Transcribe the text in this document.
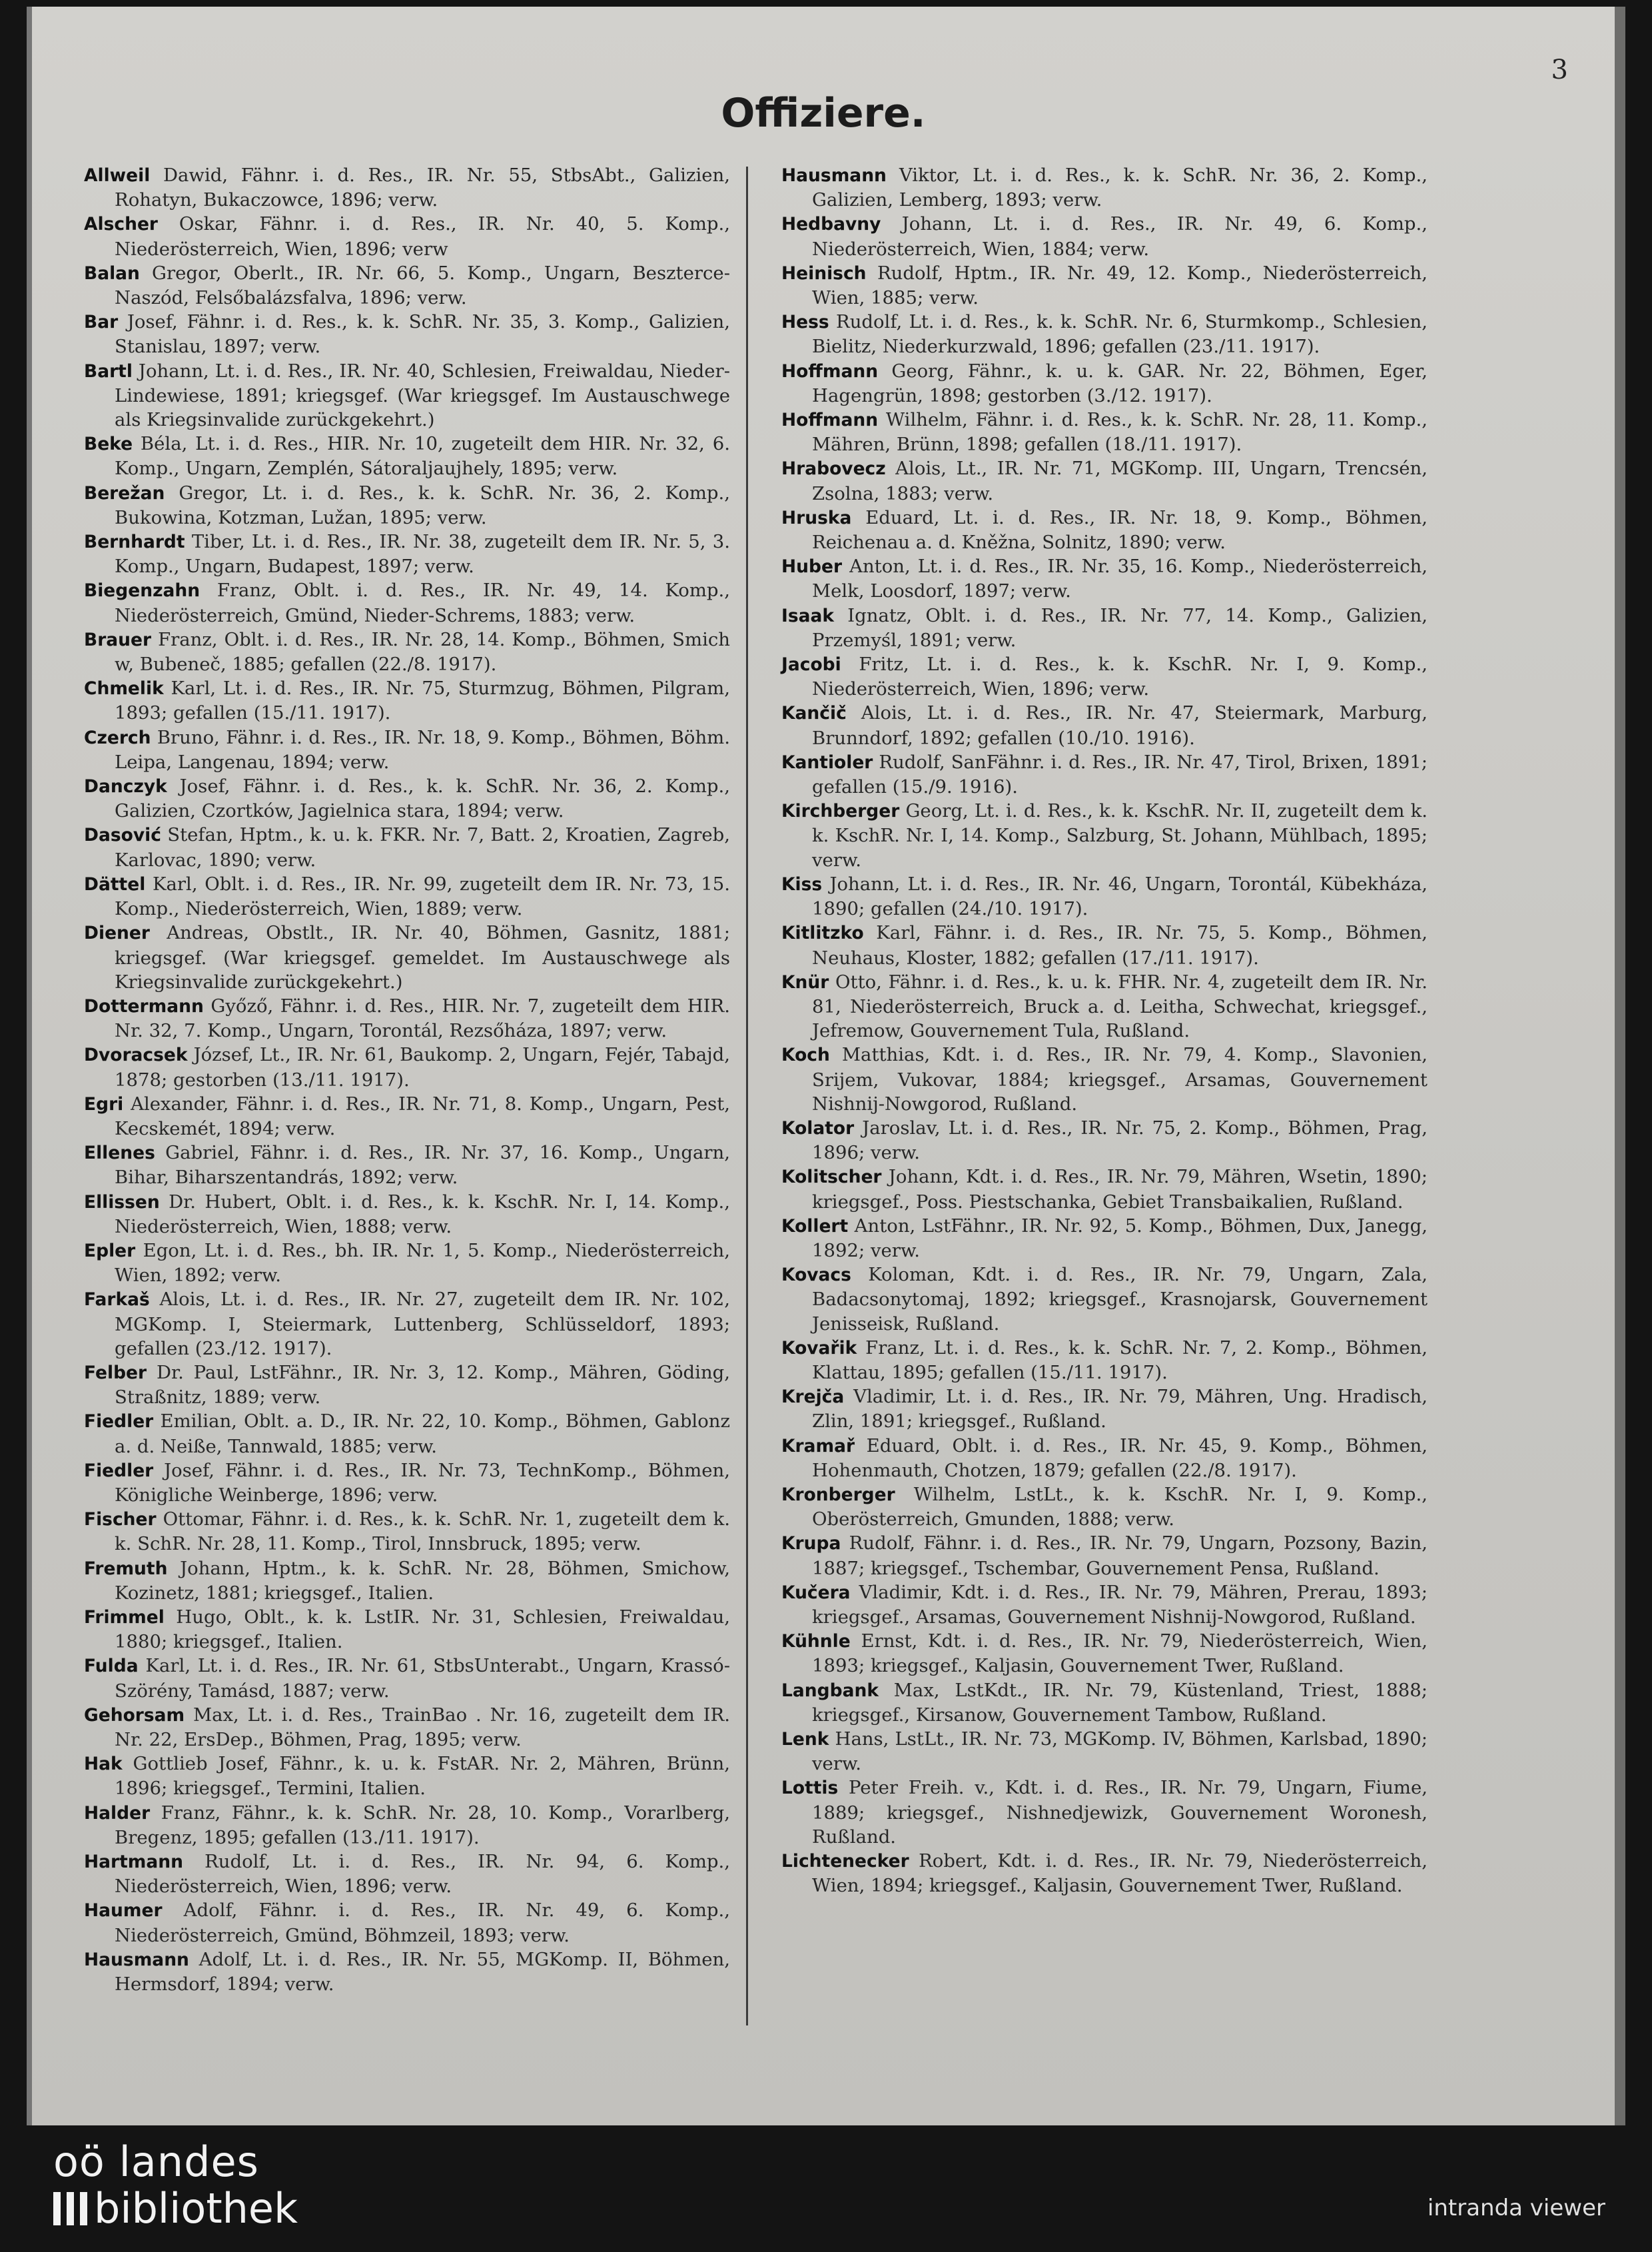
3
Offiziere.
Allweil Dawid, Fähnr. i. d. Res., IR. Nr. 55, StbsAbt., Galizien, Rohatyn, Bukaczowce, 1896; verw.
Alscher Oskar, Fähnr. i. d. Res., IR. Nr. 40, 5. Komp., Niederösterreich, Wien, 1896; verw
Balan Gregor, Oberlt., IR. Nr. 66, 5. Komp., Ungarn, Beszterce-Naszód, Felsőbalázsfalva, 1896; verw.
Bar Josef, Fähnr. i. d. Res., k. k. SchR. Nr. 35, 3. Komp., Galizien, Stanislau, 1897; verw.
Bartl Johann, Lt. i. d. Res., IR. Nr. 40, Schlesien, Freiwaldau, Nieder-Lindewiese, 1891; kriegsgef. (War kriegsgef. Im Austauschwege als Kriegsinvalide zurückgekehrt.)
Beke Béla, Lt. i. d. Res., HIR. Nr. 10, zugeteilt dem HIR. Nr. 32, 6. Komp., Ungarn, Zemplén, Sátoraljaujhely, 1895; verw.
Berežan Gregor, Lt. i. d. Res., k. k. SchR. Nr. 36, 2. Komp., Bukowina, Kotzman, Lužan, 1895; verw.
Bernhardt Tiber, Lt. i. d. Res., IR. Nr. 38, zugeteilt dem IR. Nr. 5, 3. Komp., Ungarn, Budapest, 1897; verw.
Biegenzahn Franz, Oblt. i. d. Res., IR. Nr. 49, 14. Komp., Niederösterreich, Gmünd, Nieder-Schrems, 1883; verw.
Brauer Franz, Oblt. i. d. Res., IR. Nr. 28, 14. Komp., Böhmen, Smich w, Bubeneč, 1885; gefallen (22./8. 1917).
Chmelik Karl, Lt. i. d. Res., IR. Nr. 75, Sturmzug, Böhmen, Pilgram, 1893; gefallen (15./11. 1917).
Czerch Bruno, Fähnr. i. d. Res., IR. Nr. 18, 9. Komp., Böhmen, Böhm. Leipa, Langenau, 1894; verw.
Danczyk Josef, Fähnr. i. d. Res., k. k. SchR. Nr. 36, 2. Komp., Galizien, Czortków, Jagielnica stara, 1894; verw.
Dasović Stefan, Hptm., k. u. k. FKR. Nr. 7, Batt. 2, Kroatien, Zagreb, Karlovac, 1890; verw.
Dättel Karl, Oblt. i. d. Res., IR. Nr. 99, zugeteilt dem IR. Nr. 73, 15. Komp., Niederösterreich, Wien, 1889; verw.
Diener Andreas, Obstlt., IR. Nr. 40, Böhmen, Gasnitz, 1881; kriegsgef. (War kriegsgef. gemeldet. Im Austauschwege als Kriegsinvalide zurückgekehrt.)
Dottermann Győző, Fähnr. i. d. Res., HIR. Nr. 7, zugeteilt dem HIR. Nr. 32, 7. Komp., Ungarn, Torontál, Rezsőháza, 1897; verw.
Dvoracsek József, Lt., IR. Nr. 61, Baukomp. 2, Ungarn, Fejér, Tabajd, 1878; gestorben (13./11. 1917).
Egri Alexander, Fähnr. i. d. Res., IR. Nr. 71, 8. Komp., Ungarn, Pest, Kecskemét, 1894; verw.
Ellenes Gabriel, Fähnr. i. d. Res., IR. Nr. 37, 16. Komp., Ungarn, Bihar, Biharszentandrás, 1892; verw.
Ellissen Dr. Hubert, Oblt. i. d. Res., k. k. KschR. Nr. I, 14. Komp., Niederösterreich, Wien, 1888; verw.
Epler Egon, Lt. i. d. Res., bh. IR. Nr. 1, 5. Komp., Niederösterreich, Wien, 1892; verw.
Farkaš Alois, Lt. i. d. Res., IR. Nr. 27, zugeteilt dem IR. Nr. 102, MGKomp. I, Steiermark, Luttenberg, Schlüsseldorf, 1893; gefallen (23./12. 1917).
Felber Dr. Paul, LstFähnr., IR. Nr. 3, 12. Komp., Mähren, Göding, Straßnitz, 1889; verw.
Fiedler Emilian, Oblt. a. D., IR. Nr. 22, 10. Komp., Böhmen, Gablonz a. d. Neiße, Tannwald, 1885; verw.
Fiedler Josef, Fähnr. i. d. Res., IR. Nr. 73, TechnKomp., Böhmen, Königliche Weinberge, 1896; verw.
Fischer Ottomar, Fähnr. i. d. Res., k. k. SchR. Nr. 1, zugeteilt dem k. k. SchR. Nr. 28, 11. Komp., Tirol, Innsbruck, 1895; verw.
Fremuth Johann, Hptm., k. k. SchR. Nr. 28, Böhmen, Smichow, Kozinetz, 1881; kriegsgef., Italien.
Frimmel Hugo, Oblt., k. k. LstIR. Nr. 31, Schlesien, Freiwaldau, 1880; kriegsgef., Italien.
Fulda Karl, Lt. i. d. Res., IR. Nr. 61, StbsUnterabt., Ungarn, Krassó-Szörény, Tamásd, 1887; verw.
Gehorsam Max, Lt. i. d. Res., TrainBao . Nr. 16, zugeteilt dem IR. Nr. 22, ErsDep., Böhmen, Prag, 1895; verw.
Hak Gottlieb Josef, Fähnr., k. u. k. FstAR. Nr. 2, Mähren, Brünn, 1896; kriegsgef., Termini, Italien.
Halder Franz, Fähnr., k. k. SchR. Nr. 28, 10. Komp., Vorarlberg, Bregenz, 1895; gefallen (13./11. 1917).
Hartmann Rudolf, Lt. i. d. Res., IR. Nr. 94, 6. Komp., Niederösterreich, Wien, 1896; verw.
Haumer Adolf, Fähnr. i. d. Res., IR. Nr. 49, 6. Komp., Niederösterreich, Gmünd, Böhmzeil, 1893; verw.
Hausmann Adolf, Lt. i. d. Res., IR. Nr. 55, MGKomp. II, Böhmen, Hermsdorf, 1894; verw.
Hausmann Viktor, Lt. i. d. Res., k. k. SchR. Nr. 36, 2. Komp., Galizien, Lemberg, 1893; verw.
Hedbavny Johann, Lt. i. d. Res., IR. Nr. 49, 6. Komp., Niederösterreich, Wien, 1884; verw.
Heinisch Rudolf, Hptm., IR. Nr. 49, 12. Komp., Niederösterreich, Wien, 1885; verw.
Hess Rudolf, Lt. i. d. Res., k. k. SchR. Nr. 6, Sturmkomp., Schlesien, Bielitz, Niederkurzwald, 1896; gefallen (23./11. 1917).
Hoffmann Georg, Fähnr., k. u. k. GAR. Nr. 22, Böhmen, Eger, Hagengrün, 1898; gestorben (3./12. 1917).
Hoffmann Wilhelm, Fähnr. i. d. Res., k. k. SchR. Nr. 28, 11. Komp., Mähren, Brünn, 1898; gefallen (18./11. 1917).
Hrabovecz Alois, Lt., IR. Nr. 71, MGKomp. III, Ungarn, Trencsén, Zsolna, 1883; verw.
Hruska Eduard, Lt. i. d. Res., IR. Nr. 18, 9. Komp., Böhmen, Reichenau a. d. Kněžna, Solnitz, 1890; verw.
Huber Anton, Lt. i. d. Res., IR. Nr. 35, 16. Komp., Niederösterreich, Melk, Loosdorf, 1897; verw.
Isaak Ignatz, Oblt. i. d. Res., IR. Nr. 77, 14. Komp., Galizien, Przemyśl, 1891; verw.
Jacobi Fritz, Lt. i. d. Res., k. k. KschR. Nr. I, 9. Komp., Niederösterreich, Wien, 1896; verw.
Kančič Alois, Lt. i. d. Res., IR. Nr. 47, Steiermark, Marburg, Brunndorf, 1892; gefallen (10./10. 1916).
Kantioler Rudolf, SanFähnr. i. d. Res., IR. Nr. 47, Tirol, Brixen, 1891; gefallen (15./9. 1916).
Kirchberger Georg, Lt. i. d. Res., k. k. KschR. Nr. II, zugeteilt dem k. k. KschR. Nr. I, 14. Komp., Salzburg, St. Johann, Mühlbach, 1895; verw.
Kiss Johann, Lt. i. d. Res., IR. Nr. 46, Ungarn, Torontál, Kübekháza, 1890; gefallen (24./10. 1917).
Kitlitzko Karl, Fähnr. i. d. Res., IR. Nr. 75, 5. Komp., Böhmen, Neuhaus, Kloster, 1882; gefallen (17./11. 1917).
Knür Otto, Fähnr. i. d. Res., k. u. k. FHR. Nr. 4, zugeteilt dem IR. Nr. 81, Niederösterreich, Bruck a. d. Leitha, Schwechat, kriegsgef., Jefremow, Gouvernement Tula, Rußland.
Koch Matthias, Kdt. i. d. Res., IR. Nr. 79, 4. Komp., Slavonien, Srijem, Vukovar, 1884; kriegsgef., Arsamas, Gouvernement Nishnij-Nowgorod, Rußland.
Kolator Jaroslav, Lt. i. d. Res., IR. Nr. 75, 2. Komp., Böhmen, Prag, 1896; verw.
Kolitscher Johann, Kdt. i. d. Res., IR. Nr. 79, Mähren, Wsetin, 1890; kriegsgef., Poss. Piestschanka, Gebiet Transbaikalien, Rußland.
Kollert Anton, LstFähnr., IR. Nr. 92, 5. Komp., Böhmen, Dux, Janegg, 1892; verw.
Kovacs Koloman, Kdt. i. d. Res., IR. Nr. 79, Ungarn, Zala, Badacsonytomaj, 1892; kriegsgef., Krasnojarsk, Gouvernement Jenisseisk, Rußland.
Kovařik Franz, Lt. i. d. Res., k. k. SchR. Nr. 7, 2. Komp., Böhmen, Klattau, 1895; gefallen (15./11. 1917).
Krejča Vladimir, Lt. i. d. Res., IR. Nr. 79, Mähren, Ung. Hradisch, Zlin, 1891; kriegsgef., Rußland.
Kramař Eduard, Oblt. i. d. Res., IR. Nr. 45, 9. Komp., Böhmen, Hohenmauth, Chotzen, 1879; gefallen (22./8. 1917).
Kronberger Wilhelm, LstLt., k. k. KschR. Nr. I, 9. Komp., Oberösterreich, Gmunden, 1888; verw.
Krupa Rudolf, Fähnr. i. d. Res., IR. Nr. 79, Ungarn, Pozsony, Bazin, 1887; kriegsgef., Tschembar, Gouvernement Pensa, Rußland.
Kučera Vladimir, Kdt. i. d. Res., IR. Nr. 79, Mähren, Prerau, 1893; kriegsgef., Arsamas, Gouvernement Nishnij-Nowgorod, Rußland.
Kühnle Ernst, Kdt. i. d. Res., IR. Nr. 79, Niederösterreich, Wien, 1893; kriegsgef., Kaljasin, Gouvernement Twer, Rußland.
Langbank Max, LstKdt., IR. Nr. 79, Küstenland, Triest, 1888; kriegsgef., Kirsanow, Gouvernement Tambow, Rußland.
Lenk Hans, LstLt., IR. Nr. 73, MGKomp. IV, Böhmen, Karlsbad, 1890; verw.
Lottis Peter Freih. v., Kdt. i. d. Res., IR. Nr. 79, Ungarn, Fiume, 1889; kriegsgef., Nishnedjewizk, Gouvernement Woronesh, Rußland.
Lichtenecker Robert, Kdt. i. d. Res., IR. Nr. 79, Niederösterreich, Wien, 1894; kriegsgef., Kaljasin, Gouvernement Twer, Rußland.
oö landes
bibliothek	intranda viewer
